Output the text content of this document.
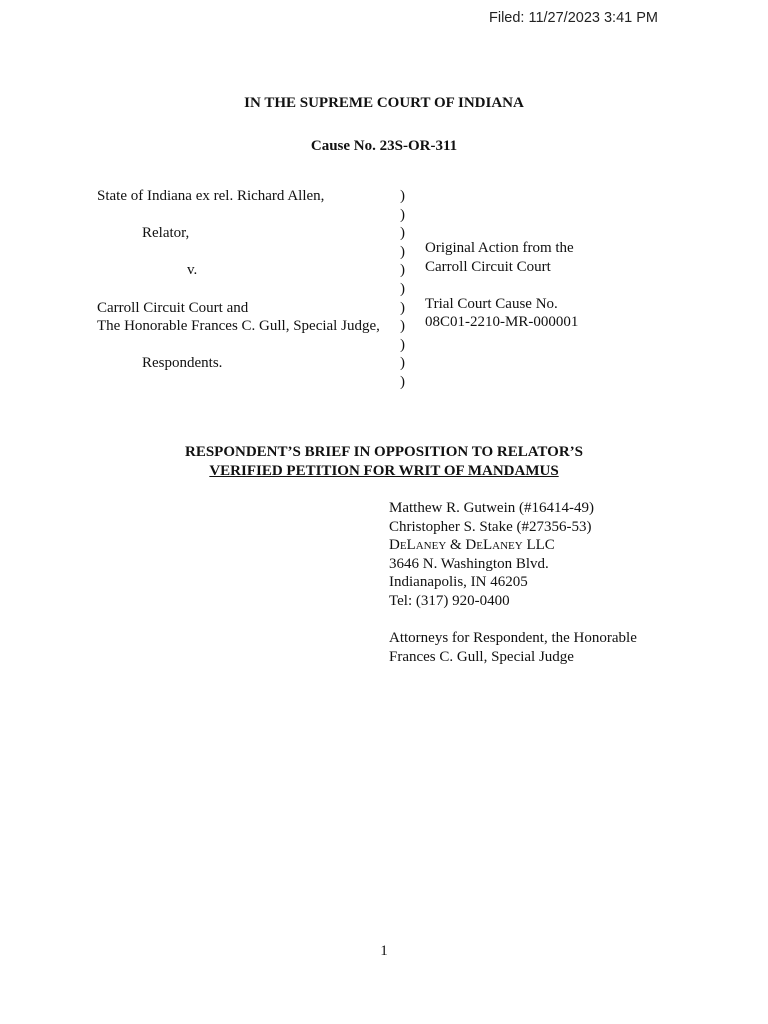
Filed: 11/27/2023 3:41 PM
IN THE SUPREME COURT OF INDIANA
Cause No. 23S-OR-311
State of Indiana ex rel. Richard Allen,
Relator,
v.
Carroll Circuit Court and
The Honorable Frances C. Gull, Special Judge,
Respondents.
)
)
)
)
)
)
)
)
)
)
)
Original Action from the
Carroll Circuit Court
Trial Court Cause No.
08C01-2210-MR-000001
RESPONDENT’S BRIEF IN OPPOSITION TO RELATOR’S
VERIFIED PETITION FOR WRIT OF MANDAMUS
Matthew R. Gutwein (#16414-49)
Christopher S. Stake (#27356-53)
DeLaney & DeLaney LLC
3646 N. Washington Blvd.
Indianapolis, IN 46205
Tel: (317) 920-0400
Attorneys for Respondent, the Honorable
Frances C. Gull, Special Judge
1
